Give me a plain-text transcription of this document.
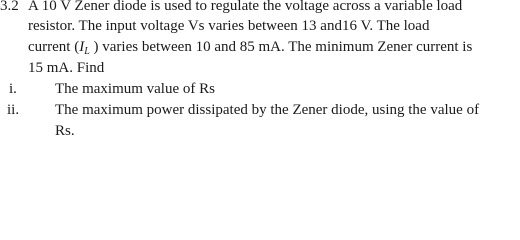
3.2 A 10 V Zener diode is used to regulate the voltage across a variable load
resistor. The input voltage Vs varies between 13 and16 V. The load
current ($I_L$ ) varies between 10 and 85 mA. The minimum Zener current is
15 mA. Find
i.	The maximum value of Rs
ii. The maximum power dissipated by the Zener diode, using the value of
Rs.
